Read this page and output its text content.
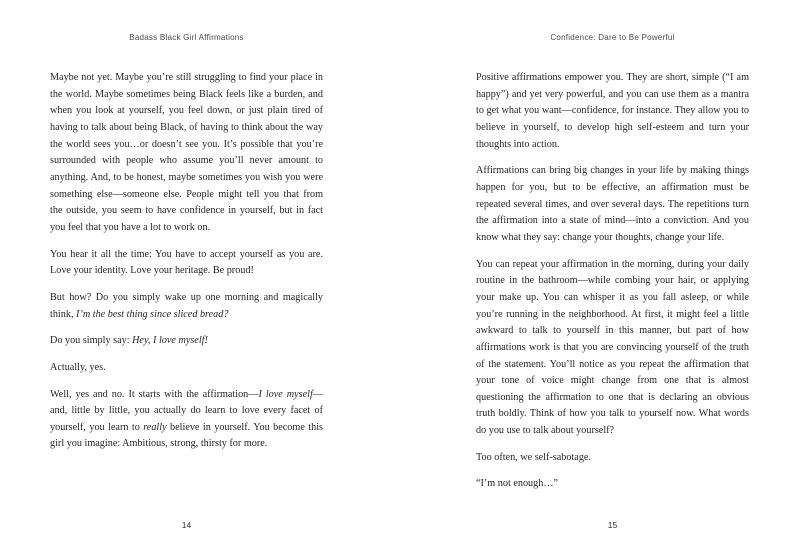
Badass Black Girl Affirmations

Maybe not yet. Maybe you’re still struggling to find your place in the world. Maybe sometimes being Black feels like a burden, and when you look at yourself, you feel down, or just plain tired of having to talk about being Black, of having to think about the way the world sees you…or doesn’t see you. It’s possible that you’re surrounded with people who assume you’ll never amount to anything. And, to be honest, maybe sometimes you wish you were something else—someone else. People might tell you that from the outside, you seem to have confidence in yourself, but in fact you feel that you have a lot to work on.

You hear it all the time: You have to accept yourself as you are. Love your identity. Love your heritage. Be proud!

But how? Do you simply wake up one morning and magically think, I’m the best thing since sliced bread?

Do you simply say: Hey, I love myself!

Actually, yes.

Well, yes and no. It starts with the affirmation—I love myself—and, little by little, you actually do learn to love every facet of yourself, you learn to really believe in yourself. You become this girl you imagine: Ambitious, strong, thirsty for more.

14
Confidence: Dare to Be Powerful

Positive affirmations empower you. They are short, simple (“I am happy”) and yet very powerful, and you can use them as a mantra to get what you want—confidence, for instance. They allow you to believe in yourself, to develop high self-esteem and turn your thoughts into action.

Affirmations can bring big changes in your life by making things happen for you, but to be effective, an affirmation must be repeated several times, and over several days. The repetitions turn the affirmation into a state of mind—into a conviction. And you know what they say: change your thoughts, change your life.

You can repeat your affirmation in the morning, during your daily routine in the bathroom—while combing your hair, or applying your make up. You can whisper it as you fall asleep, or while you’re running in the neighborhood. At first, it might feel a little awkward to talk to yourself in this manner, but part of how affirmations work is that you are convincing yourself of the truth of the statement. You’ll notice as you repeat the affirmation that your tone of voice might change from one that is almost questioning the affirmation to one that is declaring an obvious truth boldly. Think of how you talk to yourself now. What words do you use to talk about yourself?

Too often, we self-sabotage.

“I’m not enough…”

15
